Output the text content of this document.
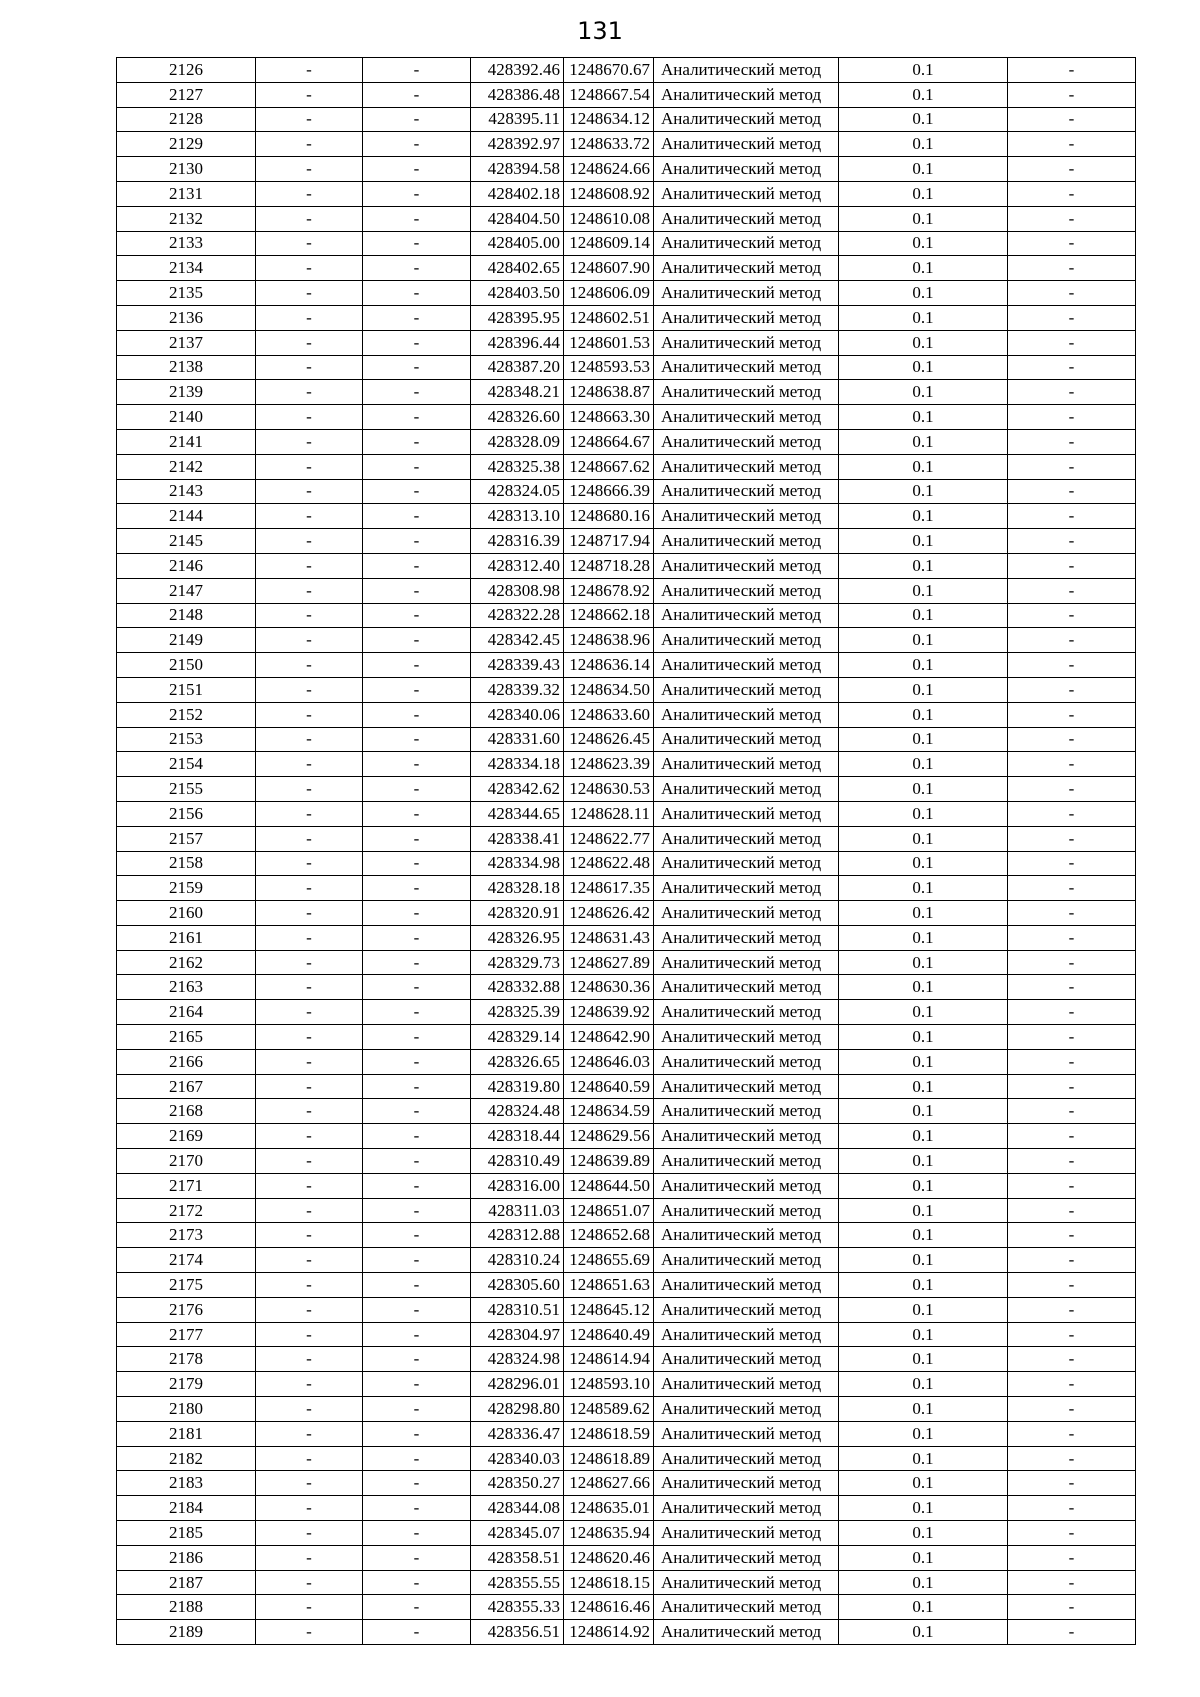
131
2126	-	-	428392.46	1248670.67	Аналитический метод	0.1	-
2127	-	-	428386.48	1248667.54	Аналитический метод	0.1	-
2128	-	-	428395.11	1248634.12	Аналитический метод	0.1	-
2129	-	-	428392.97	1248633.72	Аналитический метод	0.1	-
2130	-	-	428394.58	1248624.66	Аналитический метод	0.1	-
2131	-	-	428402.18	1248608.92	Аналитический метод	0.1	-
2132	-	-	428404.50	1248610.08	Аналитический метод	0.1	-
2133	-	-	428405.00	1248609.14	Аналитический метод	0.1	-
2134	-	-	428402.65	1248607.90	Аналитический метод	0.1	-
2135	-	-	428403.50	1248606.09	Аналитический метод	0.1	-
2136	-	-	428395.95	1248602.51	Аналитический метод	0.1	-
2137	-	-	428396.44	1248601.53	Аналитический метод	0.1	-
2138	-	-	428387.20	1248593.53	Аналитический метод	0.1	-
2139	-	-	428348.21	1248638.87	Аналитический метод	0.1	-
2140	-	-	428326.60	1248663.30	Аналитический метод	0.1	-
2141	-	-	428328.09	1248664.67	Аналитический метод	0.1	-
2142	-	-	428325.38	1248667.62	Аналитический метод	0.1	-
2143	-	-	428324.05	1248666.39	Аналитический метод	0.1	-
2144	-	-	428313.10	1248680.16	Аналитический метод	0.1	-
2145	-	-	428316.39	1248717.94	Аналитический метод	0.1	-
2146	-	-	428312.40	1248718.28	Аналитический метод	0.1	-
2147	-	-	428308.98	1248678.92	Аналитический метод	0.1	-
2148	-	-	428322.28	1248662.18	Аналитический метод	0.1	-
2149	-	-	428342.45	1248638.96	Аналитический метод	0.1	-
2150	-	-	428339.43	1248636.14	Аналитический метод	0.1	-
2151	-	-	428339.32	1248634.50	Аналитический метод	0.1	-
2152	-	-	428340.06	1248633.60	Аналитический метод	0.1	-
2153	-	-	428331.60	1248626.45	Аналитический метод	0.1	-
2154	-	-	428334.18	1248623.39	Аналитический метод	0.1	-
2155	-	-	428342.62	1248630.53	Аналитический метод	0.1	-
2156	-	-	428344.65	1248628.11	Аналитический метод	0.1	-
2157	-	-	428338.41	1248622.77	Аналитический метод	0.1	-
2158	-	-	428334.98	1248622.48	Аналитический метод	0.1	-
2159	-	-	428328.18	1248617.35	Аналитический метод	0.1	-
2160	-	-	428320.91	1248626.42	Аналитический метод	0.1	-
2161	-	-	428326.95	1248631.43	Аналитический метод	0.1	-
2162	-	-	428329.73	1248627.89	Аналитический метод	0.1	-
2163	-	-	428332.88	1248630.36	Аналитический метод	0.1	-
2164	-	-	428325.39	1248639.92	Аналитический метод	0.1	-
2165	-	-	428329.14	1248642.90	Аналитический метод	0.1	-
2166	-	-	428326.65	1248646.03	Аналитический метод	0.1	-
2167	-	-	428319.80	1248640.59	Аналитический метод	0.1	-
2168	-	-	428324.48	1248634.59	Аналитический метод	0.1	-
2169	-	-	428318.44	1248629.56	Аналитический метод	0.1	-
2170	-	-	428310.49	1248639.89	Аналитический метод	0.1	-
2171	-	-	428316.00	1248644.50	Аналитический метод	0.1	-
2172	-	-	428311.03	1248651.07	Аналитический метод	0.1	-
2173	-	-	428312.88	1248652.68	Аналитический метод	0.1	-
2174	-	-	428310.24	1248655.69	Аналитический метод	0.1	-
2175	-	-	428305.60	1248651.63	Аналитический метод	0.1	-
2176	-	-	428310.51	1248645.12	Аналитический метод	0.1	-
2177	-	-	428304.97	1248640.49	Аналитический метод	0.1	-
2178	-	-	428324.98	1248614.94	Аналитический метод	0.1	-
2179	-	-	428296.01	1248593.10	Аналитический метод	0.1	-
2180	-	-	428298.80	1248589.62	Аналитический метод	0.1	-
2181	-	-	428336.47	1248618.59	Аналитический метод	0.1	-
2182	-	-	428340.03	1248618.89	Аналитический метод	0.1	-
2183	-	-	428350.27	1248627.66	Аналитический метод	0.1	-
2184	-	-	428344.08	1248635.01	Аналитический метод	0.1	-
2185	-	-	428345.07	1248635.94	Аналитический метод	0.1	-
2186	-	-	428358.51	1248620.46	Аналитический метод	0.1	-
2187	-	-	428355.55	1248618.15	Аналитический метод	0.1	-
2188	-	-	428355.33	1248616.46	Аналитический метод	0.1	-
2189	-	-	428356.51	1248614.92	Аналитический метод	0.1	-
